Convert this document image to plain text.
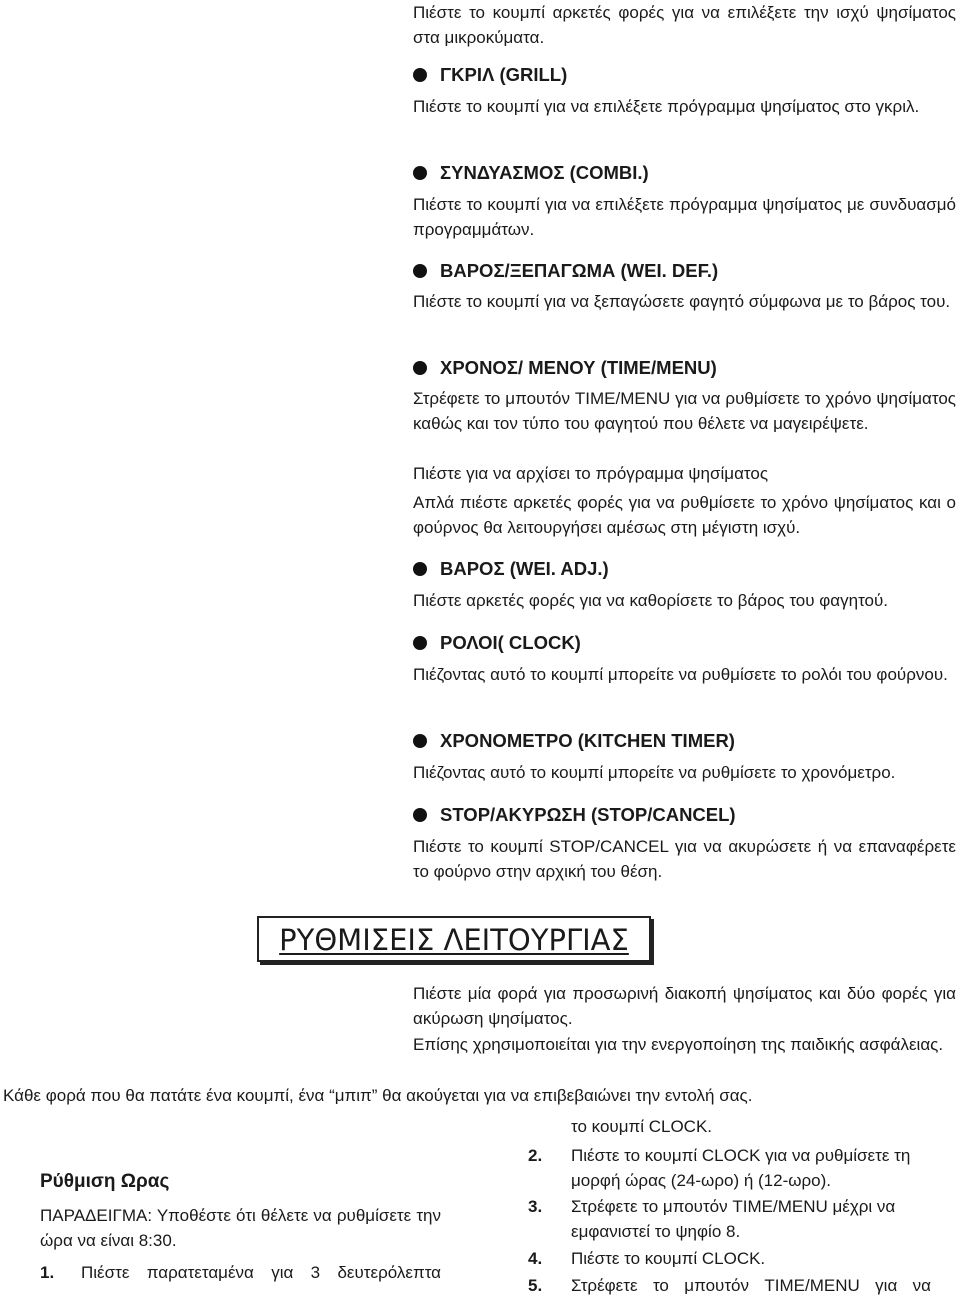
Πιέστε το κουμπί αρκετές φορές για να επιλέξετε την ισχύ ψησίματος στα μικροκύματα.
ΓΚΡΙΛ (GRILL)
Πιέστε το κουμπί για να επιλέξετε πρόγραμμα ψησίματος στο γκριλ.
ΣΥΝΔΥΑΣΜΟΣ (COMBI.)
Πιέστε το κουμπί για να επιλέξετε πρόγραμμα ψησίματος με συνδυασμό προγραμμάτων.
ΒΑΡΟΣ/ΞΕΠΑΓΩΜΑ (WEI. DEF.)
Πιέστε το κουμπί για να ξεπαγώσετε φαγητό σύμφωνα με το βάρος του.
ΧΡΟΝΟΣ/ ΜΕΝΟΥ (TIME/MENU)
Στρέφετε το μπουτόν TIME/MENU για να ρυθμίσετε το χρόνο ψησίματος καθώς και τον τύπο του φαγητού που θέλετε να μαγειρέψετε.
Πιέστε για να αρχίσει το πρόγραμμα ψησίματος
Απλά πιέστε αρκετές φορές για να ρυθμίσετε το χρόνο ψησίματος και ο φούρνος θα λειτουργήσει αμέσως στη μέγιστη ισχύ.
ΒΑΡΟΣ (WEI. ADJ.)
Πιέστε αρκετές φορές για να καθορίσετε το βάρος του φαγητού.
ΡΟΛΟΙ( CLOCK)
Πιέζοντας αυτό το κουμπί μπορείτε να ρυθμίσετε το ρολόι του φούρνου.
ΧΡΟΝΟΜΕΤΡΟ (KITCHEN TIMER)
Πιέζοντας αυτό το κουμπί μπορείτε να ρυθμίσετε το χρονόμετρο.
STOP/ΑΚΥΡΩΣΗ (STOP/CANCEL)
Πιέστε το κουμπί STOP/CANCEL για να ακυρώσετε ή να επαναφέρετε το φούρνο στην αρχική του θέση.
ΡΥΘΜΙΣΕΙΣ ΛΕΙΤΟΥΡΓΙΑΣ
Πιέστε μία φορά για προσωρινή διακοπή ψησίματος και δύο φορές για ακύρωση ψησίματος.
Επίσης χρησιμοποιείται για την ενεργοποίηση της παιδικής ασφάλειας.
Κάθε φορά που θα πατάτε ένα κουμπί, ένα “μπιπ” θα ακούγεται για να επιβεβαιώνει την εντολή σας.
Ρύθμιση Ωρας
ΠΑΡΑΔΕΙΓΜΑ: Υποθέστε ότι θέλετε να ρυθμίσετε την ώρα να είναι 8:30.
1. Πιέστε παρατεταμένα για 3 δευτερόλεπτα
το κουμπί CLOCK.
2. Πιέστε το κουμπί CLOCK για να ρυθμίσετε τη μορφή ώρας (24-ωρο) ή (12-ωρο).
3. Στρέφετε το μπουτόν TIME/MENU μέχρι να εμφανιστεί το ψηφίο 8.
4. Πιέστε το κουμπί CLOCK.
5. Στρέφετε το μπουτόν TIME/MENU για να
